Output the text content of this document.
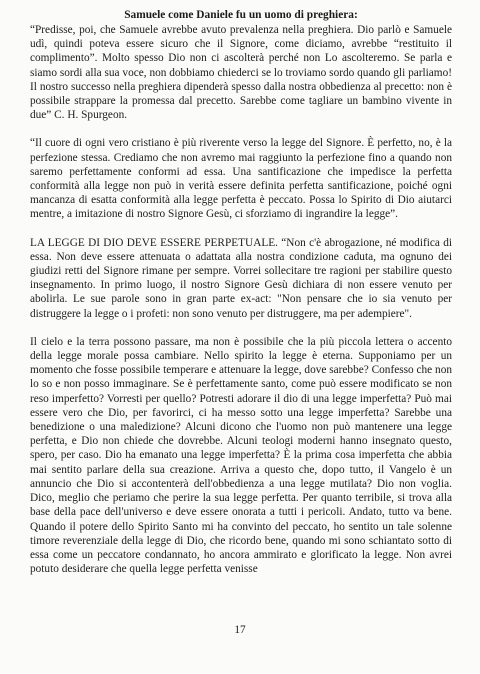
Samuele come Daniele fu un uomo di preghiera:

“Predisse, poi, che Samuele avrebbe avuto prevalenza nella preghiera. Dio parlò e Samuele udì, quindi poteva essere sicuro che il Signore, come diciamo, avrebbe “restituito il complimento”. Molto spesso Dio non ci ascolterà perché non Lo ascolteremo. Se parla e siamo sordi alla sua voce, non dobbiamo chiederci se lo troviamo sordo quando gli parliamo! Il nostro successo nella preghiera dipenderà spesso dalla nostra obbedienza al precetto: non è possibile strappare la promessa dal precetto. Sarebbe come tagliare un bambino vivente in due” C. H. Spurgeon.

“Il cuore di ogni vero cristiano è più riverente verso la legge del Signore. È perfetto, no, è la perfezione stessa. Crediamo che non avremo mai raggiunto la perfezione fino a quando non saremo perfettamente conformi ad essa. Una santificazione che impedisce la perfetta conformità alla legge non può in verità essere definita perfetta santificazione, poiché ogni mancanza di esatta conformità alla legge perfetta è peccato. Possa lo Spirito di Dio aiutarci mentre, a imitazione di nostro Signore Gesù, ci sforziamo di ingrandire la legge”.

LA LEGGE DI DIO DEVE ESSERE PERPETUALE. “Non c'è abrogazione, né modifica di essa. Non deve essere attenuata o adattata alla nostra condizione caduta, ma ognuno dei giudizi retti del Signore rimane per sempre. Vorrei sollecitare tre ragioni per stabilire questo insegnamento. In primo luogo, il nostro Signore Gesù dichiara di non essere venuto per abolirla. Le sue parole sono in gran parte ex-act: "Non pensare che io sia venuto per distruggere la legge o i profeti: non sono venuto per distruggere, ma per adempiere".

Il cielo e la terra possono passare, ma non è possibile che la più piccola lettera o accento della legge morale possa cambiare. Nello spirito la legge è eterna. Supponiamo per un momento che fosse possibile temperare e attenuare la legge, dove sarebbe? Confesso che non lo so e non posso immaginare. Se è perfettamente santo, come può essere modificato se non reso imperfetto? Vorresti per quello? Potresti adorare il dio di una legge imperfetta? Può mai essere vero che Dio, per favorirci, ci ha messo sotto una legge imperfetta? Sarebbe una benedizione o una maledizione? Alcuni dicono che l'uomo non può mantenere una legge perfetta, e Dio non chiede che dovrebbe. Alcuni teologi moderni hanno insegnato questo, spero, per caso. Dio ha emanato una legge imperfetta? È la prima cosa imperfetta che abbia mai sentito parlare della sua creazione. Arriva a questo che, dopo tutto, il Vangelo è un annuncio che Dio si accontenterà dell'obbedienza a una legge mutilata? Dio non voglia. Dico, meglio che periamo che perire la sua legge perfetta. Per quanto terribile, si trova alla base della pace dell'universo e deve essere onorata a tutti i pericoli. Andato, tutto va bene. Quando il potere dello Spirito Santo mi ha convinto del peccato, ho sentito un tale solenne timore reverenziale della legge di Dio, che ricordo bene, quando mi sono schiantato sotto di essa come un peccatore condannato, ho ancora ammirato e glorificato la legge. Non avrei potuto desiderare che quella legge perfetta venisse

17
